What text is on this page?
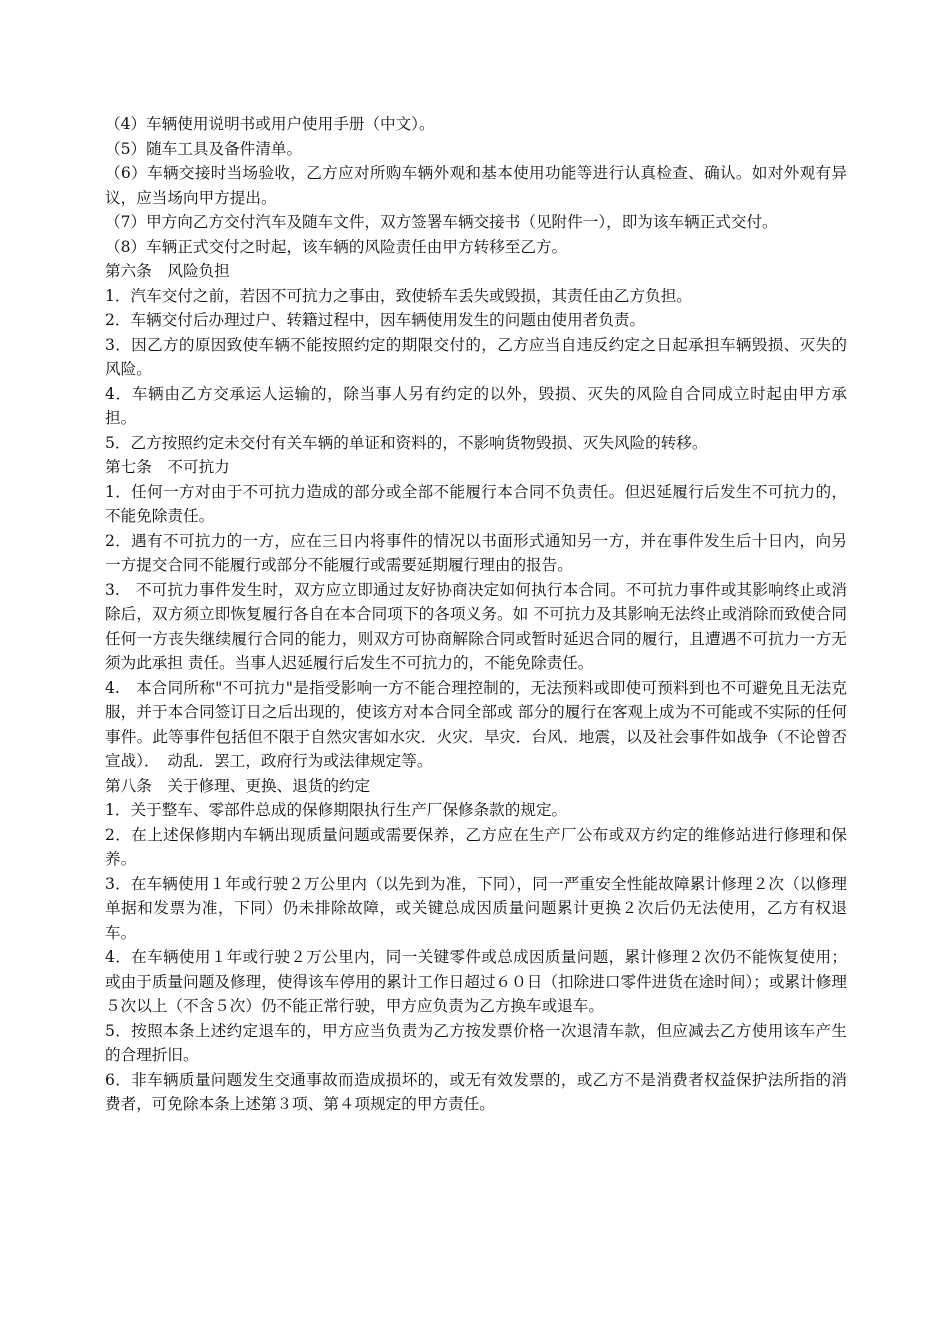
（4）车辆使用说明书或用户使用手册（中文）。

（5）随车工具及备件清单。

（6）车辆交接时当场验收，乙方应对所购车辆外观和基本使用功能等进行认真检查、确认。如对外观有异议，应当场向甲方提出。

（7）甲方向乙方交付汽车及随车文件，双方签署车辆交接书（见附件一），即为该车辆正式交付。

（8）车辆正式交付之时起，该车辆的风险责任由甲方转移至乙方。

第六条　风险负担

1．汽车交付之前，若因不可抗力之事由，致使轿车丢失或毁损，其责任由乙方负担。

2．车辆交付后办理过户、转籍过程中，因车辆使用发生的问题由使用者负责。

3．因乙方的原因致使车辆不能按照约定的期限交付的，乙方应当自违反约定之日起承担车辆毁损、灭失的风险。

4．车辆由乙方交承运人运输的，除当事人另有约定的以外，毁损、灭失的风险自合同成立时起由甲方承担。

5．乙方按照约定未交付有关车辆的单证和资料的，不影响货物毁损、灭失风险的转移。

第七条　不可抗力

1．任何一方对由于不可抗力造成的部分或全部不能履行本合同不负责任。但迟延履行后发生不可抗力的，不能免除责任。

2．遇有不可抗力的一方，应在三日内将事件的情况以书面形式通知另一方，并在事件发生后十日内，向另一方提交合同不能履行或部分不能履行或需要延期履行理由的报告。

3.　不可抗力事件发生时，双方应立即通过友好协商决定如何执行本合同。不可抗力事件或其影响终止或消除后，双方须立即恢复履行各自在本合同项下的各项义务。如 不可抗力及其影响无法终止或消除而致使合同任何一方丧失继续履行合同的能力，则双方可协商解除合同或暂时延迟合同的履行，且遭遇不可抗力一方无须为此承担 责任。当事人迟延履行后发生不可抗力的，不能免除责任。

4.　本合同所称"不可抗力"是指受影响一方不能合理控制的，无法预料或即使可预料到也不可避免且无法克服，并于本合同签订日之后出现的，使该方对本合同全部或 部分的履行在客观上成为不可能或不实际的任何事件。此等事件包括但不限于自然灾害如水灾．火灾．旱灾．台风．地震，以及社会事件如战争（不论曾否宣战）．　动乱．罢工，政府行为或法律规定等。

第八条　关于修理、更换、退货的约定

1．关于整车、零部件总成的保修期限执行生产厂保修条款的规定。

2．在上述保修期内车辆出现质量问题或需要保养，乙方应在生产厂公布或双方约定的维修站进行修理和保养。

3．在车辆使用１年或行驶２万公里内（以先到为准，下同），同一严重安全性能故障累计修理２次（以修理单据和发票为准，下同）仍未排除故障，或关键总成因质量问题累计更换２次后仍无法使用，乙方有权退车。

4．在车辆使用１年或行驶２万公里内，同一关键零件或总成因质量问题，累计修理２次仍不能恢复使用；或由于质量问题及修理，使得该车停用的累计工作日超过６０日（扣除进口零件进货在途时间）；或累计修理５次以上（不含５次）仍不能正常行驶，甲方应负责为乙方换车或退车。

5．按照本条上述约定退车的，甲方应当负责为乙方按发票价格一次退清车款，但应减去乙方使用该车产生的合理折旧。

6．非车辆质量问题发生交通事故而造成损坏的，或无有效发票的，或乙方不是消费者权益保护法所指的消费者，可免除本条上述第３项、第４项规定的甲方责任。
